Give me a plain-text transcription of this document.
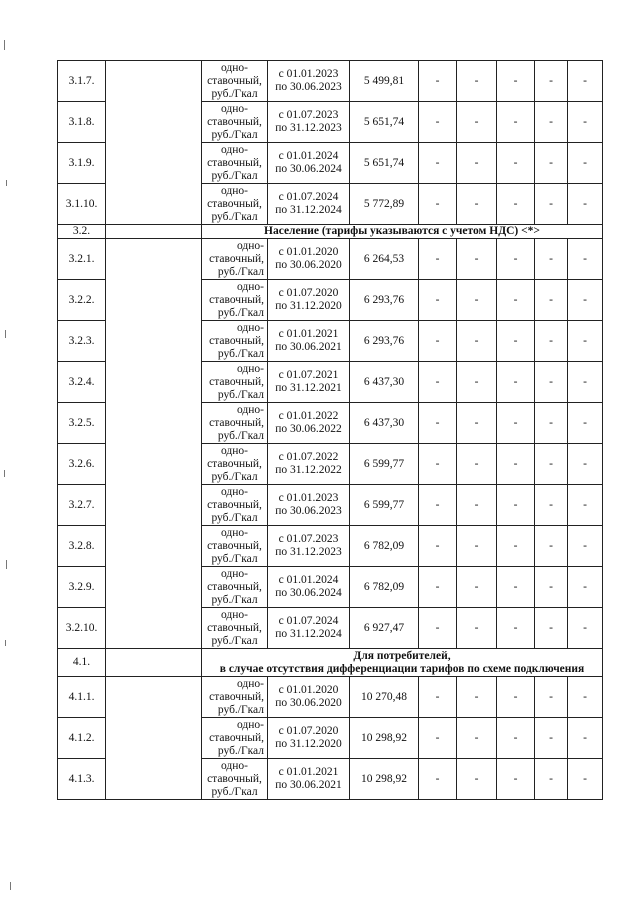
3.1.7.		одно-
ставочный,
руб./Гкал	с 01.01.2023
по 30.06.2023	5 499,81	-	-	-	-	-
3.1.8.		одно-
ставочный,
руб./Гкал	с 01.07.2023
по 31.12.2023	5 651,74	-	-	-	-	-
3.1.9.		одно-
ставочный,
руб./Гкал	с 01.01.2024
по 30.06.2024	5 651,74	-	-	-	-	-
3.1.10.		одно-
ставочный,
руб./Гкал	с 01.07.2024
по 31.12.2024	5 772,89	-	-	-	-	-
3.2.		Население (тарифы указываются с учетом НДС) <*>							
3.2.1.		одно-
ставочный,
руб./Гкал	с 01.01.2020
по 30.06.2020	6 264,53	-	-	-	-	-
3.2.2.		одно-
ставочный,
руб./Гкал	с 01.07.2020
по 31.12.2020	6 293,76	-	-	-	-	-
3.2.3.		одно-
ставочный,
руб./Гкал	с 01.01.2021
по 30.06.2021	6 293,76	-	-	-	-	-
3.2.4.		одно-
ставочный,
руб./Гкал	с 01.07.2021
по 31.12.2021	6 437,30	-	-	-	-	-
3.2.5.		одно-
ставочный,
руб./Гкал	с 01.01.2022
по 30.06.2022	6 437,30	-	-	-	-	-
3.2.6.		одно-
ставочный,
руб./Гкал	с 01.07.2022
по 31.12.2022	6 599,77	-	-	-	-	-
3.2.7.		одно-
ставочный,
руб./Гкал	с 01.01.2023
по 30.06.2023	6 599,77	-	-	-	-	-
3.2.8.		одно-
ставочный,
руб./Гкал	с 01.07.2023
по 31.12.2023	6 782,09	-	-	-	-	-
3.2.9.		одно-
ставочный,
руб./Гкал	с 01.01.2024
по 30.06.2024	6 782,09	-	-	-	-	-
3.2.10.		одно-
ставочный,
руб./Гкал	с 01.07.2024
по 31.12.2024	6 927,47	-	-	-	-	-
4.1.		Для потребителей,
в случае отсутствия дифференциации тарифов по схеме подключения							
4.1.1.		одно-
ставочный,
руб./Гкал	с 01.01.2020
по 30.06.2020	10 270,48	-	-	-	-	-
4.1.2.		одно-
ставочный,
руб./Гкал	с 01.07.2020
по 31.12.2020	10 298,92	-	-	-	-	-
4.1.3.		одно-
ставочный,
руб./Гкал	с 01.01.2021
по 30.06.2021	10 298,92	-	-	-	-	-
